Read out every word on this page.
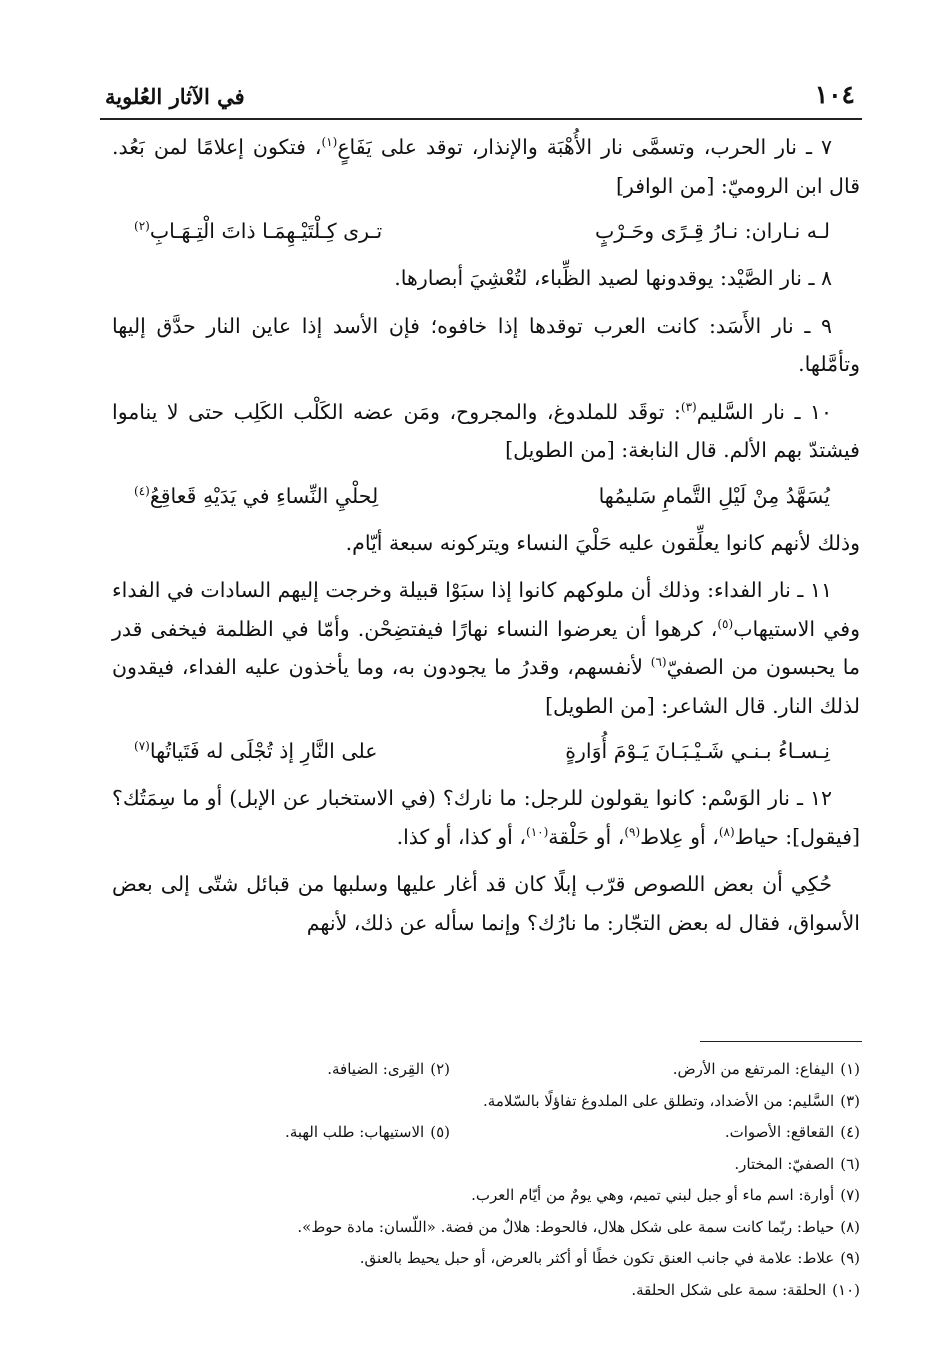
١٠٤
في الآثار العُلوية

٧ ـ نار الحرب، وتسمَّى نار الأُهْبَة والإنذار، توقد على يَفَاعٍ$^{(١)}$، فتكون إعلامًا لمن بَعُد. قال ابن الروميّ: [من الوافر]

لـه نـاران: نـارُ قِـرًى وحَـرْبٍ
تـرى كِـلْتَيْـهِمَـا ذاتَ الْتِـهَـابِ$^{(٢)}$

٨ ـ نار الصَّيْد: يوقدونها لصيد الظِّباء، لتُعْشِيَ أبصارها.

٩ ـ نار الأَسَد: كانت العرب توقدها إذا خافوه؛ فإن الأسد إذا عاين النار حدَّق إليها وتأمَّلها.

١٠ ـ نار السَّليم$^{(٣)}$: توقَد للملدوغ، والمجروح، ومَن عضه الكَلْب الكَلِب حتى لا يناموا فيشتدّ بهم الألم. قال النابغة: [من الطويل]

يُسَهَّدُ مِنْ لَيْلِ التَّمامِ سَليمُها
لِحلْيِ النِّساءِ في يَدَيْهِ قَعاقِعُ$^{(٤)}$

وذلك لأنهم كانوا يعلِّقون عليه حَلْيَ النساء ويتركونه سبعة أيّام.

١١ ـ نار الفداء: وذلك أن ملوكهم كانوا إذا سبَوْا قبيلة وخرجت إليهم السادات في الفداء وفي الاستيهاب$^{(٥)}$، كرهوا أن يعرضوا النساء نهارًا فيفتضِحْن. وأمّا في الظلمة فيخفى قدر ما يحبسون من الصفيّ$^{(٦)}$ لأنفسهم، وقدرُ ما يجودون به، وما يأخذون عليه الفداء، فيقدون لذلك النار. قال الشاعر: [من الطويل]

نِـسـاءُ بـنـي شَـيْـبَـانَ يَـوْمَ أُوَارةٍ
على النَّارِ إذ تُجْلَى له فَتَياتُها$^{(٧)}$

١٢ ـ نار الوَسْم: كانوا يقولون للرجل: ما نارك؟ (في الاستخبار عن الإبل) أو ما سِمَتُك؟ [فيقول]: حياط$^{(٨)}$، أو عِلاط$^{(٩)}$، أو حَلْقة$^{(١٠)}$، أو كذا، أو كذا.

حُكِي أن بعض اللصوص قرّب إبلًا كان قد أغار عليها وسلبها من قبائل شتّى إلى بعض الأسواق، فقال له بعض التجّار: ما نارُك؟ وإنما سأله عن ذلك، لأنهم

(١)
اليفاع: المرتفع من الأرض.
(٢)
القِرى: الضيافة.
(٣)
السَّليم: من الأضداد، وتطلق على الملدوغ تفاؤلًا بالسّلامة.
(٤)
القعاقع: الأصوات.
(٥)
الاستيهاب: طلب الهبة.
(٦)
الصفيّ: المختار.
(٧)
أوارة: اسم ماء أو جبل لبني تميم، وهي يومٌ من أيّام العرب.
(٨)
حياط: ربّما كانت سمة على شكل هلال، فالحوط: هلالٌ من فضة. «اللّسان: مادة حوط».
(٩)
علاط: علامة في جانب العنق تكون خطًا أو أكثر بالعرض، أو حبل يحيط بالعنق.
(١٠)
الحلقة: سمة على شكل الحلقة.
